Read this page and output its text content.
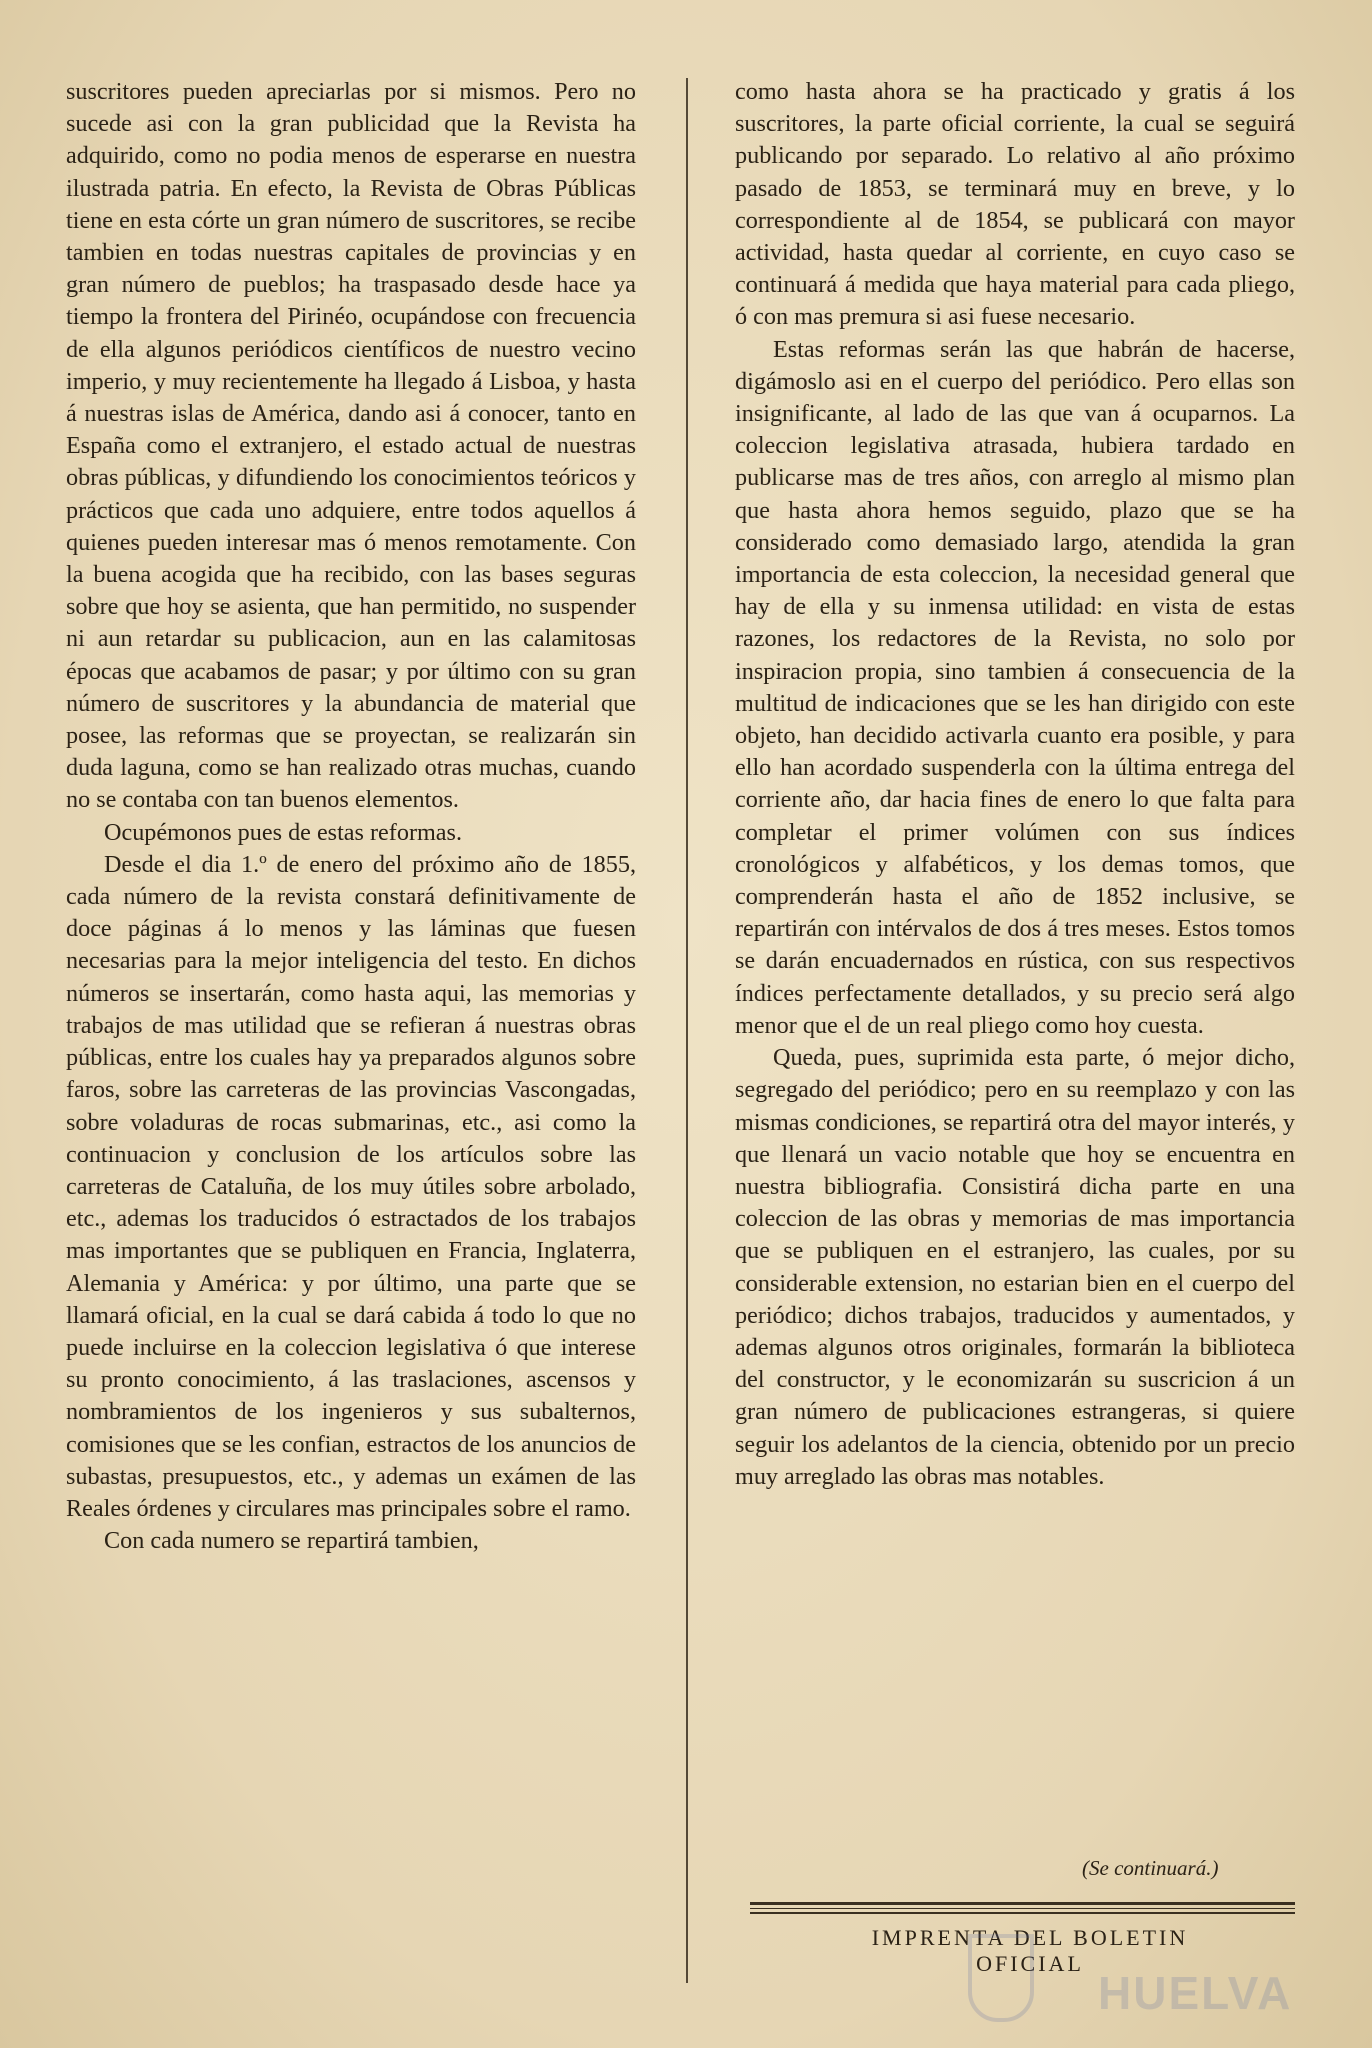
suscritores pueden apreciarlas por si mismos. Pero no sucede asi con la gran publicidad que la Revista ha adquirido, como no podia menos de esperarse en nuestra ilustrada patria. En efecto, la Revista de Obras Públicas tiene en esta córte un gran número de suscritores, se recibe tambien en todas nuestras capitales de provincias y en gran número de pueblos; ha traspasado desde hace ya tiempo la frontera del Pirinéo, ocupándose con frecuencia de ella algunos periódicos científicos de nuestro vecino imperio, y muy recientemente ha llegado á Lisboa, y hasta á nuestras islas de América, dando asi á conocer, tanto en España como el extranjero, el estado actual de nuestras obras públicas, y difundiendo los conocimientos teóricos y prácticos que cada uno adquiere, entre todos aquellos á quienes pueden interesar mas ó menos remotamente. Con la buena acogida que ha recibido, con las bases seguras sobre que hoy se asienta, que han permitido, no suspender ni aun retardar su publicacion, aun en las calamitosas épocas que acabamos de pasar; y por último con su gran número de suscritores y la abundancia de material que posee, las reformas que se proyectan, se realizarán sin duda laguna, como se han realizado otras muchas, cuando no se contaba con tan buenos elementos.

Ocupémonos pues de estas reformas.

Desde el dia 1.º de enero del próximo año de 1855, cada número de la revista constará definitivamente de doce páginas á lo menos y las láminas que fuesen necesarias para la mejor inteligencia del testo. En dichos números se insertarán, como hasta aqui, las memorias y trabajos de mas utilidad que se refieran á nuestras obras públicas, entre los cuales hay ya preparados algunos sobre faros, sobre las carreteras de las provincias Vascongadas, sobre voladuras de rocas submarinas, etc., asi como la continuacion y conclusion de los artículos sobre las carreteras de Cataluña, de los muy útiles sobre arbolado, etc., ademas los traducidos ó estractados de los trabajos mas importantes que se publiquen en Francia, Inglaterra, Alemania y América: y por último, una parte que se llamará oficial, en la cual se dará cabida á todo lo que no puede incluirse en la coleccion legislativa ó que interese su pronto conocimiento, á las traslaciones, ascensos y nombramientos de los ingenieros y sus subalternos, comisiones que se les confian, estractos de los anuncios de subastas, presupuestos, etc., y ademas un exámen de las Reales órdenes y circulares mas principales sobre el ramo.

Con cada numero se repartirá tambien,

como hasta ahora se ha practicado y gratis á los suscritores, la parte oficial corriente, la cual se seguirá publicando por separado. Lo relativo al año próximo pasado de 1853, se terminará muy en breve, y lo correspondiente al de 1854, se publicará con mayor actividad, hasta quedar al corriente, en cuyo caso se continuará á medida que haya material para cada pliego, ó con mas premura si asi fuese necesario.

Estas reformas serán las que habrán de hacerse, digámoslo asi en el cuerpo del periódico. Pero ellas son insignificante, al lado de las que van á ocuparnos. La coleccion legislativa atrasada, hubiera tardado en publicarse mas de tres años, con arreglo al mismo plan que hasta ahora hemos seguido, plazo que se ha considerado como demasiado largo, atendida la gran importancia de esta coleccion, la necesidad general que hay de ella y su inmensa utilidad: en vista de estas razones, los redactores de la Revista, no solo por inspiracion propia, sino tambien á consecuencia de la multitud de indicaciones que se les han dirigido con este objeto, han decidido activarla cuanto era posible, y para ello han acordado suspenderla con la última entrega del corriente año, dar hacia fines de enero lo que falta para completar el primer volúmen con sus índices cronológicos y alfabéticos, y los demas tomos, que comprenderán hasta el año de 1852 inclusive, se repartirán con intérvalos de dos á tres meses. Estos tomos se darán encuadernados en rústica, con sus respectivos índices perfectamente detallados, y su precio será algo menor que el de un real pliego como hoy cuesta.

Queda, pues, suprimida esta parte, ó mejor dicho, segregado del periódico; pero en su reemplazo y con las mismas condiciones, se repartirá otra del mayor interés, y que llenará un vacio notable que hoy se encuentra en nuestra bibliografia. Consistirá dicha parte en una coleccion de las obras y memorias de mas importancia que se publiquen en el estranjero, las cuales, por su considerable extension, no estarian bien en el cuerpo del periódico; dichos trabajos, traducidos y aumentados, y ademas algunos otros originales, formarán la biblioteca del constructor, y le economizarán su suscricion á un gran número de publicaciones estrangeras, si quiere seguir los adelantos de la ciencia, obtenido por un precio muy arreglado las obras mas notables.

(Se continuará.)
IMPRENTA DEL BOLETIN OFICIAL
HUELVA
